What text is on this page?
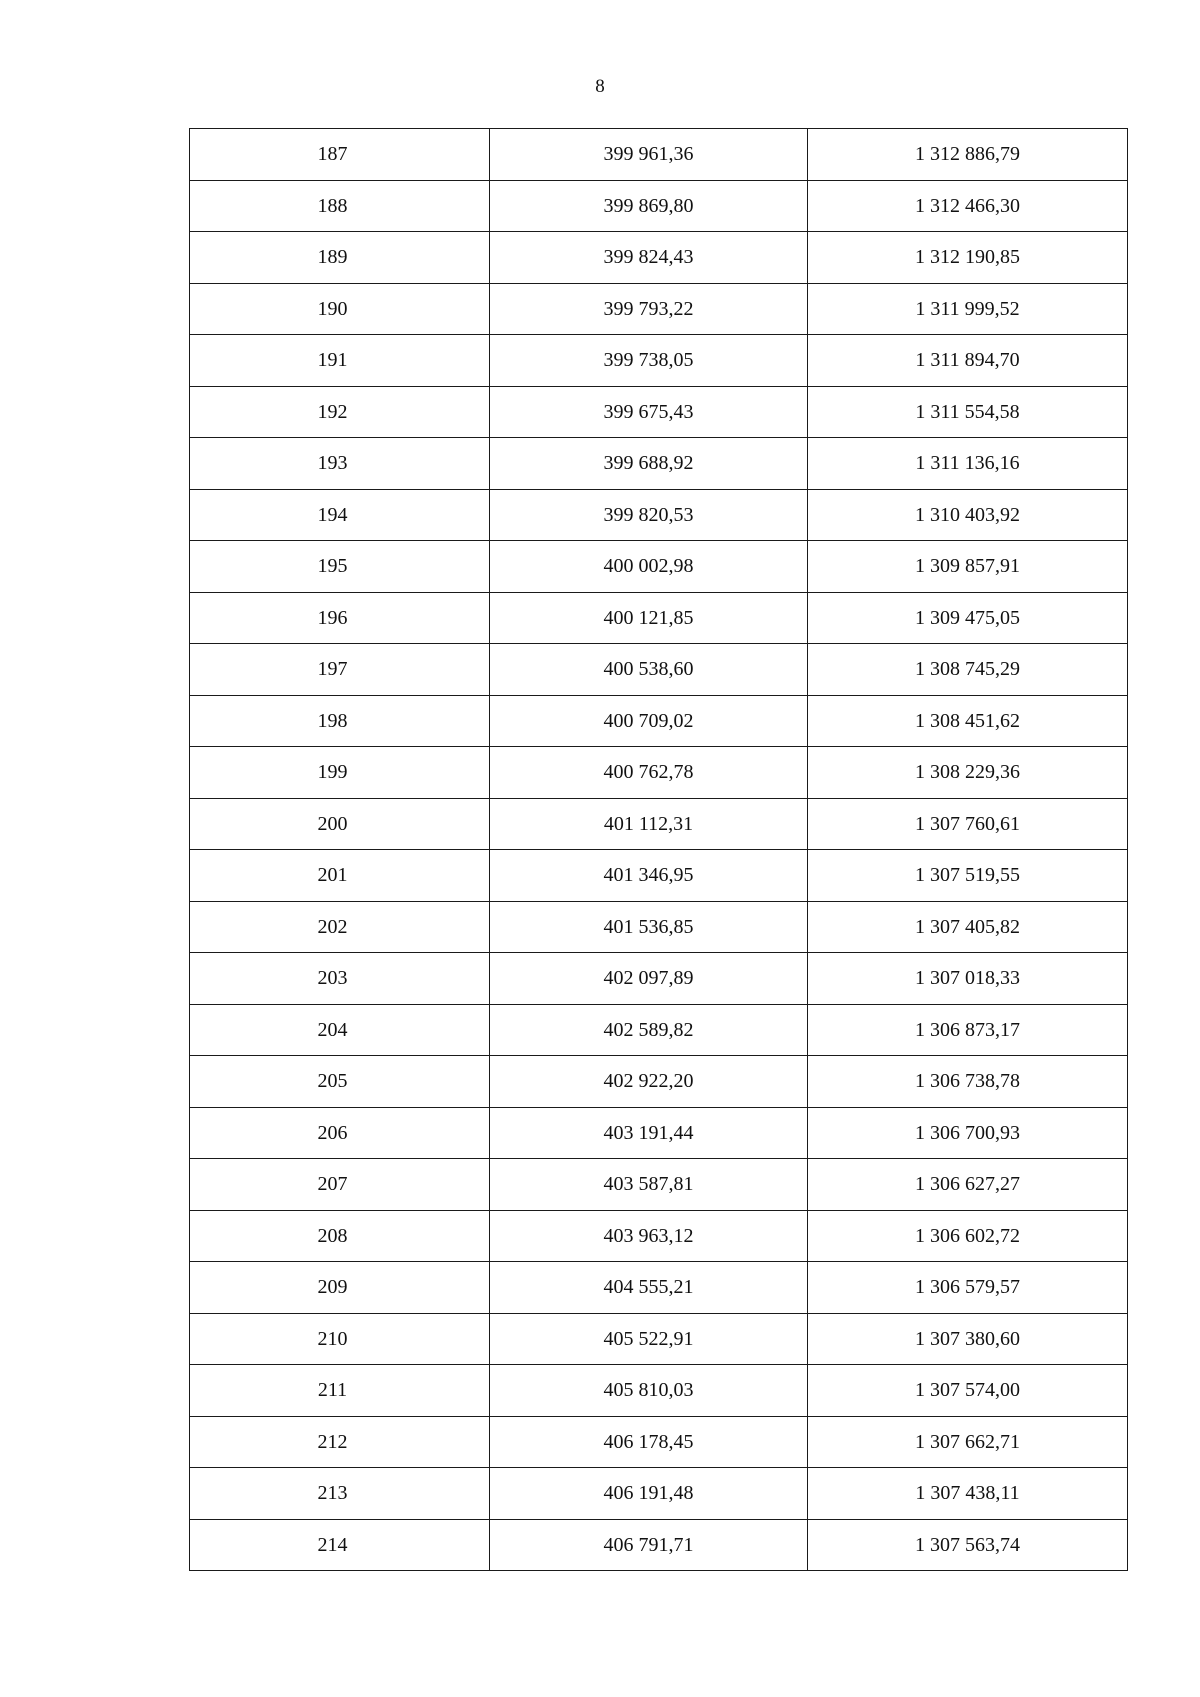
8
187	399 961,36	1 312 886,79
188	399 869,80	1 312 466,30
189	399 824,43	1 312 190,85
190	399 793,22	1 311 999,52
191	399 738,05	1 311 894,70
192	399 675,43	1 311 554,58
193	399 688,92	1 311 136,16
194	399 820,53	1 310 403,92
195	400 002,98	1 309 857,91
196	400 121,85	1 309 475,05
197	400 538,60	1 308 745,29
198	400 709,02	1 308 451,62
199	400 762,78	1 308 229,36
200	401 112,31	1 307 760,61
201	401 346,95	1 307 519,55
202	401 536,85	1 307 405,82
203	402 097,89	1 307 018,33
204	402 589,82	1 306 873,17
205	402 922,20	1 306 738,78
206	403 191,44	1 306 700,93
207	403 587,81	1 306 627,27
208	403 963,12	1 306 602,72
209	404 555,21	1 306 579,57
210	405 522,91	1 307 380,60
211	405 810,03	1 307 574,00
212	406 178,45	1 307 662,71
213	406 191,48	1 307 438,11
214	406 791,71	1 307 563,74
